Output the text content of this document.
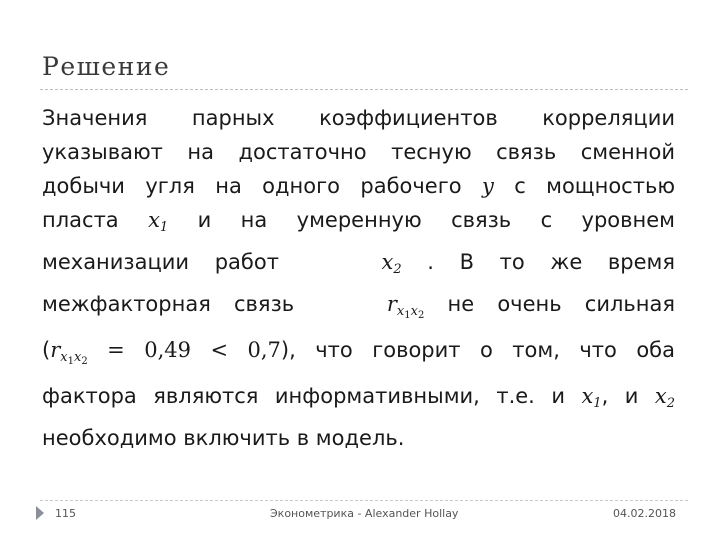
Решение
Значения парных коэффициентов корреляции
указывают на достаточно тесную связь сменной
добычи угля на одного рабочего y с мощностью
пласта x1 и на умеренную связь с уровнем
механизации работ	x2 . В то же время
межфакторная связь	$rx_1x_2$ не очень сильная
$(rx_1x_2 = 0,49 < 0,7)$, что говорит о том, что оба
фактора являются информативными, т.е. и x1, и x2
необходимо включить в модель.
115	Эконометрика - Alexander Hollay	04.02.2018
